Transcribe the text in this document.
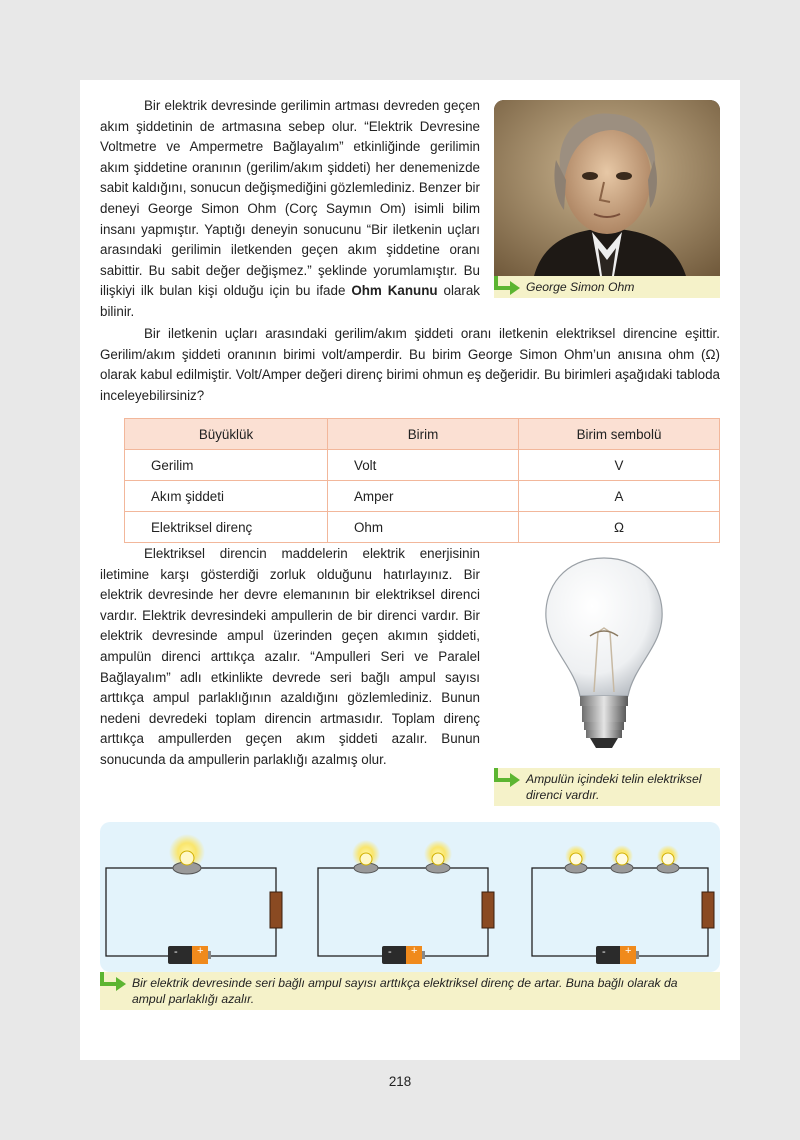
Bir elektrik devresinde gerilimin artması devreden geçen akım şiddetinin de artmasına sebep olur. “Elektrik Devresine Voltmetre ve Ampermetre Bağlayalım” etkinliğinde gerilimin akım şiddetine oranının (gerilim/akım şiddeti) her denemenizde sabit kaldığını, sonucun değişmediğini gözlemlediniz. Benzer bir deneyi George Simon Ohm (Corç Saymın Om) isimli bilim insanı yapmıştır. Yaptığı deneyin sonucunu “Bir iletkenin uçları arasındaki gerilimin iletkenden geçen akım şiddetine oranı sabittir. Bu sabit değer değişmez.” şeklinde yorumlamıştır. Bu ilişkiyi ilk bulan kişi olduğu için bu ifade Ohm Kanunu olarak bilinir.

George Simon Ohm

Bir iletkenin uçları arasındaki gerilim/akım şiddeti oranı iletkenin elektriksel direncine eşittir. Gerilim/akım şiddeti oranının birimi volt/amperdir. Bu birim George Simon Ohm’un anısına ohm (Ω) olarak kabul edilmiştir. Volt/Amper değeri direnç birimi ohmun eş değeridir. Bu birimleri aşağıdaki tabloda inceleyebilirsiniz?

Büyüklük	Birim	Birim sembolü
Gerilim	Volt	V
Akım şiddeti	Amper	A
Elektriksel direnç	Ohm	Ω

Elektriksel direncin maddelerin elektrik enerjisinin iletimine karşı gösterdiği zorluk olduğunu hatırlayınız. Bir elektrik devresinde her devre elemanının bir elektriksel direnci vardır. Elektrik devresindeki ampullerin de bir direnci vardır. Bir elektrik devresinde ampul üzerinden geçen akımın şiddeti, ampulün direnci arttıkça azalır. “Ampulleri Seri ve Paralel Bağlayalım” adlı etkinlikte devrede seri bağlı ampul sayısı arttıkça ampul parlaklığının azaldığını gözlemlediniz. Bunun nedeni devredeki toplam direncin artmasıdır. Toplam direnç arttıkça ampullerden geçen akım şiddeti azalır. Bunun sonucunda da ampullerin parlaklığı azalmış olur.

Ampulün içindeki telin elektriksel direnci vardır.
- +	- +	- +
Bir elektrik devresinde seri bağlı ampul sayısı arttıkça elektriksel direnç de artar. Buna bağlı olarak da ampul parlaklığı azalır.
218
